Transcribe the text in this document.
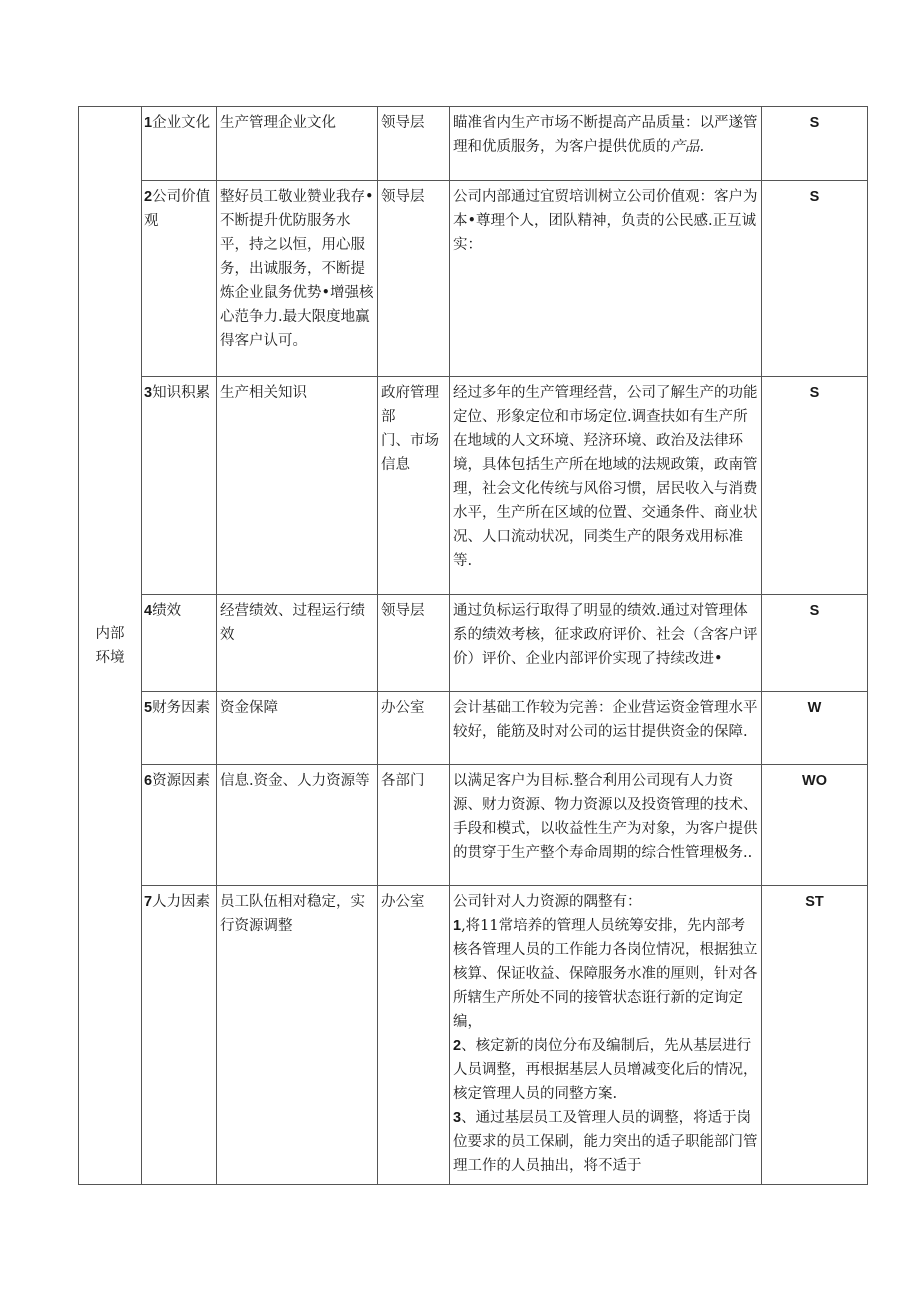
内部
环境	1企业文化	生产管理企业文化	领导层	瞄准省内生产市场不断提高产品质量：以严遂管理和优质服务，为客户提供优质的产品.	S
	2公司价值观	整好员工敬业赞业我存•不断提升优防服务水平，持之以恒，用心服务，出诚服务，不断提炼企业鼠务优势•增强核心范争力.最大限度地赢得客户认可。	领导层	公司内部通过宜贸培训树立公司价值观：客户为本•尊理个人，团队精神，负责的公民感.正互诚实：	S
	3知识积累	生产相关知识	政府管理部
门、市场信息	经过多年的生产管理经营，公司了解生产的功能定位、形象定位和市场定位.调查扶如有生产所在地域的人文环境、羟济环境、政治及法律环境，具体包括生产所在地域的法规政策，政南管理，社会文化传统与风俗习惯，居民收入与消费水平，生产所在区域的位置、交通条件、商业状况、人口流动状况，同类生产的限务戏用标准等.	S
	4绩效	经营绩效、过程运行绩效	领导层	通过负标运行取得了明显的绩效.通过对管理体系的绩效考核，征求政府评价、社会（含客户评价）评价、企业内部评价实现了持续改进•	S
	5财务因素	资金保障	办公室	会计基础工作较为完善：企业营运资金管理水平较好，能筋及时对公司的运甘提供资金的保障.	W
	6资源因素	信息.资金、人力资源等	各部门	以满足客户为目标.整合利用公司现有人力资源、财力资源、物力资源以及投资管理的技术、手段和模式，以收益性生产为对象，为客户提供的贯穿于生产整个寿命周期的综合性管理极务..	WO
	7人力因素	员工队伍相对稳定，实行资源调整	办公室	公司针对人力资源的隅整有：
1,将11常培养的管理人员统筹安排，先内部考核各管理人员的工作能力各岗位情况，根据独立核算、保证收益、保障服务水准的厘则，针对各所辖生产所处不同的接管状态诳行新的定询定编，
2、核定新的岗位分布及编制后，先从基层进行人员调整，再根据基层人员增减变化后的情况，核定管理人员的同整方案.
3、通过基层员工及管理人员的调整，将适于岗位要求的员工保刷，能力突出的适子职能部门管理工作的人员抽出，将不适于	ST
